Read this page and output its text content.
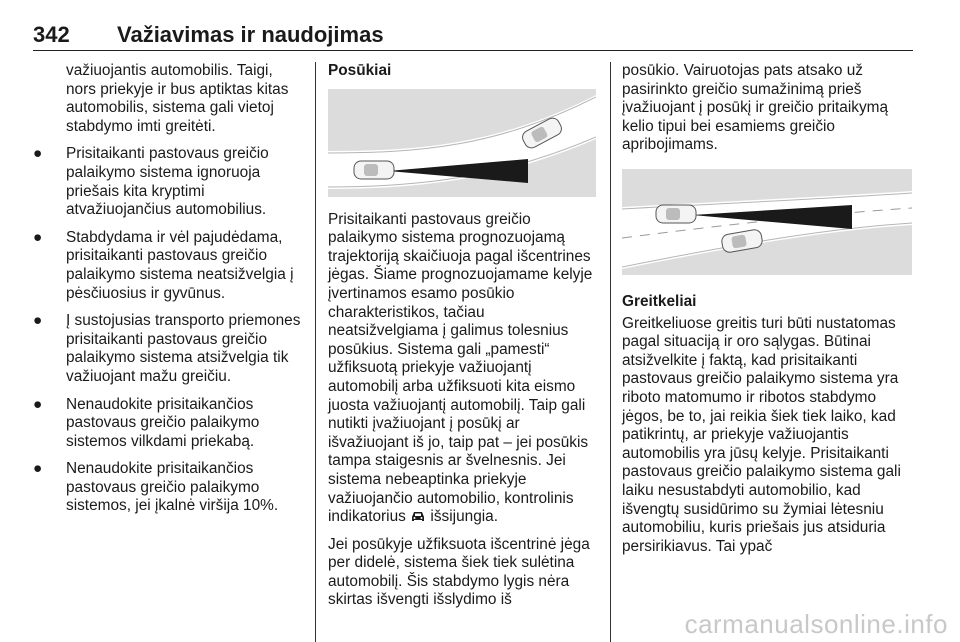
342 Važiavimas ir naudojimas

važiuojantis automobilis. Taigi, nors priekyje ir bus aptiktas kitas automobilis, sistema gali vietoj stabdymo imti greitėti.

● Prisitaikanti pastovaus greičio palaikymo sistema ignoruoja priešais kita kryptimi atvažiuojančius automobilius.
● Stabdydama ir vėl pajudėdama, prisitaikanti pastovaus greičio palaikymo sistema neatsižvelgia į pėsčiuosius ir gyvūnus.
● Į sustojusias transporto priemones prisitaikanti pastovaus greičio palaikymo sistema atsižvelgia tik važiuojant mažu greičiu.
● Nenaudokite prisitaikančios pastovaus greičio palaikymo sistemos vilkdami priekabą.
● Nenaudokite prisitaikančios pastovaus greičio palaikymo sistemos, jei įkalnė viršija 10%.
Posūkiai

Prisitaikanti pastovaus greičio palaikymo sistema prognozuojamą trajektoriją skaičiuoja pagal išcentrines jėgas. Šiame prognozuojamame kelyje įvertinamos esamo posūkio charakteristikos, tačiau neatsižvelgiama į galimus tolesnius posūkius. Sistema gali „pamesti“ užfiksuotą priekyje važiuojantį automobilį arba užfiksuoti kita eismo juosta važiuojantį automobilį. Taip gali nutikti įvažiuojant į posūkį ar išvažiuojant iš jo, taip pat – jei posūkis tampa staigesnis ar švelnesnis. Jei sistema nebeaptinka priekyje važiuojančio automobilio, kontrolinis indikatorius išsijungia.

Jei posūkyje užfiksuota išcentrinė jėga per didelė, sistema šiek tiek sulėtina automobilį. Šis stabdymo lygis nėra skirtas išvengti išslydimo iš

posūkio. Vairuotojas pats atsako už pasirinkto greičio sumažinimą prieš įvažiuojant į posūkį ir greičio pritaikymą kelio tipui bei esamiems greičio apribojimams.

Greitkeliai

Greitkeliuose greitis turi būti nustatomas pagal situaciją ir oro sąlygas. Būtinai atsižvelkite į faktą, kad prisitaikanti pastovaus greičio palaikymo sistema yra riboto matomumo ir ribotos stabdymo jėgos, be to, jai reikia šiek tiek laiko, kad patikrintų, ar priekyje važiuojantis automobilis yra jūsų kelyje. Prisitaikanti pastovaus greičio palaikymo sistema gali laiku nesustabdyti automobilio, kad išvengtų susidūrimo su žymiai lėtesniu automobiliu, kuris priešais jus atsiduria persirikiavus. Tai ypač

carmanualsonline.info
